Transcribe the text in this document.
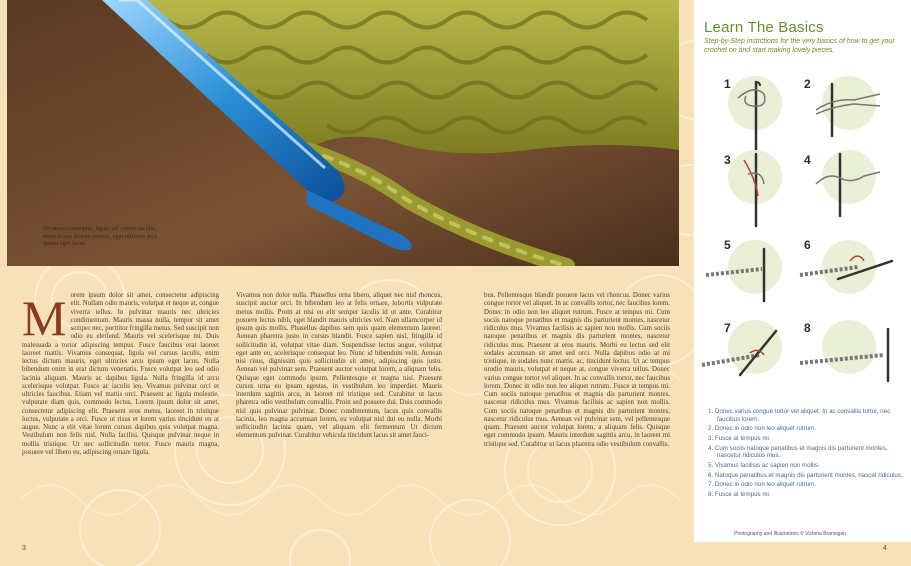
Vivamus consequat, ligula vel cursus iaculis, enim lectus dictum mauris, eget ultricies arcu ipsum eget lacus.
Morem ipsum dolor sit amet, consectetur adipiscing elit. Nullam odio mauris, volutpat et neque at, congue viverra tellus. In pulvinar mauris nec ultricies condimentum. Mauris massa nulla, tempor sit amet semper nec, porttitor fringilla metus. Sed suscipit non odio eu eleifend. Mauris vel scelerisque mi. Duis malesuada a tortor adipiscing tempus. Fusce faucibus erat laoreet laoreet mattis. Vivamus consequat, ligula vel cursus iaculis, enim lectus dictum mauris, eget ultricies arcu ipsum eget lacus. Nulla bibendum enim in erat dictum venenatis. Fusce volutpat leo sed odio lacinia aliquam. Mauris ac dapibus ligula. Nulla fringilla id arcu scelerisque volutpat. Fusce ac iaculis leo. Vivamus pulvinar orci et ultricies faucibus. Etiam vel mattis orci. Praesent ac ligula molestie, vulputate diam quis, commodo lectus. Lorem ipsum dolor sit amet, consectetur adipiscing elit. Praesent eros metus, laoreet in tristique luctus, vulputate a orci. Fusce ut risus et lorem varius tincidunt eu at augue. Nunc a elit vitae lorem cursus dapibus quis volutpat magna. Vestibulum non felis nisl. Nulla facilisi. Quisque pulvinar neque in mollis tristique. Ut nec sollicitudin tortor. Fusce mauris magna, posuere vel libero eu, adipiscing ornare ligula.
Vivamus non dolor nulla. Phasellus urna libero, aliquet nec nisl rhoncus, suscipit auctor orci. In bibendum leo at felis ornare, lobortis vulputate metus mollis. Proin at nisi eu elit semper iaculis id ut ante. Curabitur posuere lectus nibh, eget blandit mauris ultricies vel. Nam ullamcorper id ipsum quis mollis. Phasellus dapibus sem quis quam elementum laoreet. Aenean pharetra justo in cursus blandit. Fusce sapien nisl, fringilla id sollicitudin id, volutpat vitae diam. Suspendisse lectus augue, volutpat eget ante eu, scelerisque consequat leo. Nunc id bibendum velit. Aenean nisi risus, dignissim quis sollicitudin sit amet, adipiscing quis justo. Aenean vel pulvinar sem. Praesent auctor volutpat lorem, a aliquam felis. Quisque eget commodo ipsum. Pellentesque et magna nisl. Praesent cursus urna eu ipsum egestas, in vestibulum leo imperdiet. Mauris interdum sagittis arcu, in laoreet mi tristique sed. Curabitur ut lacus pharetra odio vestibulum convallis. Proin sed posuere dui. Duis commodo nisi quis pulvinar pulvinar. Donec condimentum, lacus quis convallis lacinia, leo magna accumsan lorem, eu volutpat nisl dui eu nulla. Morbi sollicitudin lacinia quam, vel aliquam elit fermentum Ut dictum elementum pulvinar. Curabitur vehicula tincidunt lacus sit amet fauci-
bus. Pellentesque blandit posuere lacus vel rhoncus. Donec varius congue tortor vel aliquet. In ac convallis tortor, nec faucibus lorem. Donec in odio non leo aliquet rutrum. Fusce at tempus mi. Cum sociis natoque penatibus et magnis dis parturient montes, nascetur ridiculus mus. Vivamus facilisis ac sapien non mollis. Cum sociis natoque penatibus et magnis dis parturient montes, nascetur ridiculus mus. Praesent at eros mauris. Morbi eu lectus sed elit sodales accumsan sit amet sed orci. Nulla dapibus odio at mi tristique, in sodales nunc mattis. ac, tincidunt lectus. Ut ac tempus urodio mauris, volutpat et neque at, congue viverra tellus. Donec varius congue tortor vel aliquet. In ac convallis tortor, nec faucibus lorem. Donec in odio non leo aliquet rutrum. Fusce at tempus mi. Cum sociis natoque penatibus et magnis dis parturient montes, nascetur ridiculus mus. Vivamus facilisis ac sapien non mollis. Cum sociis natoque penatibus et magnis dis parturient montes, nascetur ridiculus mus. Aenean vel pulvinar sem, vel pellentesque quam. Praesent auctor volutpat lorem, a aliquam felis. Quisque eget commodo ipsum. Mauris interdum sagittis arcu, in laoreet mi tristique sed. Curabitur ut lacus pharetra odio vestibulum convallis.
3	4
Learn The Basics
Step-by-Step instrctions for the very basics of how to get your crochet on and start making lovely pieces.
1	2
3	4
5	6
7	8
1. Donec varius congue tortor vel aliquet. In ac convallis tortor, nec faucibus lorem.
2. Donec in odio non leo aliquet rutrum.
3. Fusce at tempus mi.
4. Cum sociis natoque penatibus et magnis dis parturient montes, nascetur ridiculus mus.
5. Vivamus facilisis ac sapien non mollis.
6. Natoque penatibus et magnis dis parturient montes, nascet ridiculus.
7. Donec in odio non leo aliquet rutrum.
8. Fusce at tempus mi.
Photography and Illustrations © Victoria Brannigan
